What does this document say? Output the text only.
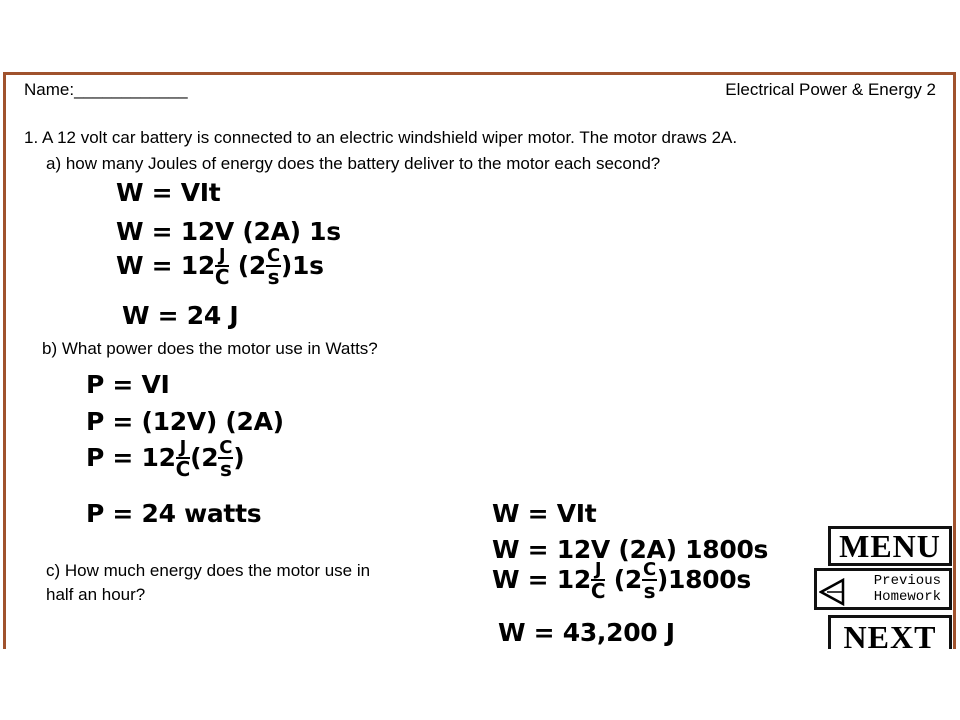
Name:____________	Electrical Power & Energy 2
1. A 12 volt car battery is connected to an electric windshield wiper motor. The motor draws 2A.
a) how many Joules of energy does the battery deliver to the motor each second?
W = VIt
W = 12V (2A) 1s
$W = 12 \frac{J}{C} (2 \frac{C}{s} )1s$
W = 24 J
b) What power does the motor use in Watts?
P = VI
P = (12V) (2A)
$P = 12 \frac{J}{C} (2 \frac{C}{s}$ )
P = 24 watts
c) How much energy does the motor use in
half an hour?
W = VIt
W = 12V (2A) 1800s
$W = 12 \frac{J}{C} (2 \frac{C}{s} )1800s$
W = 43,200 J
MENU
Previous
Homework
NEXT
